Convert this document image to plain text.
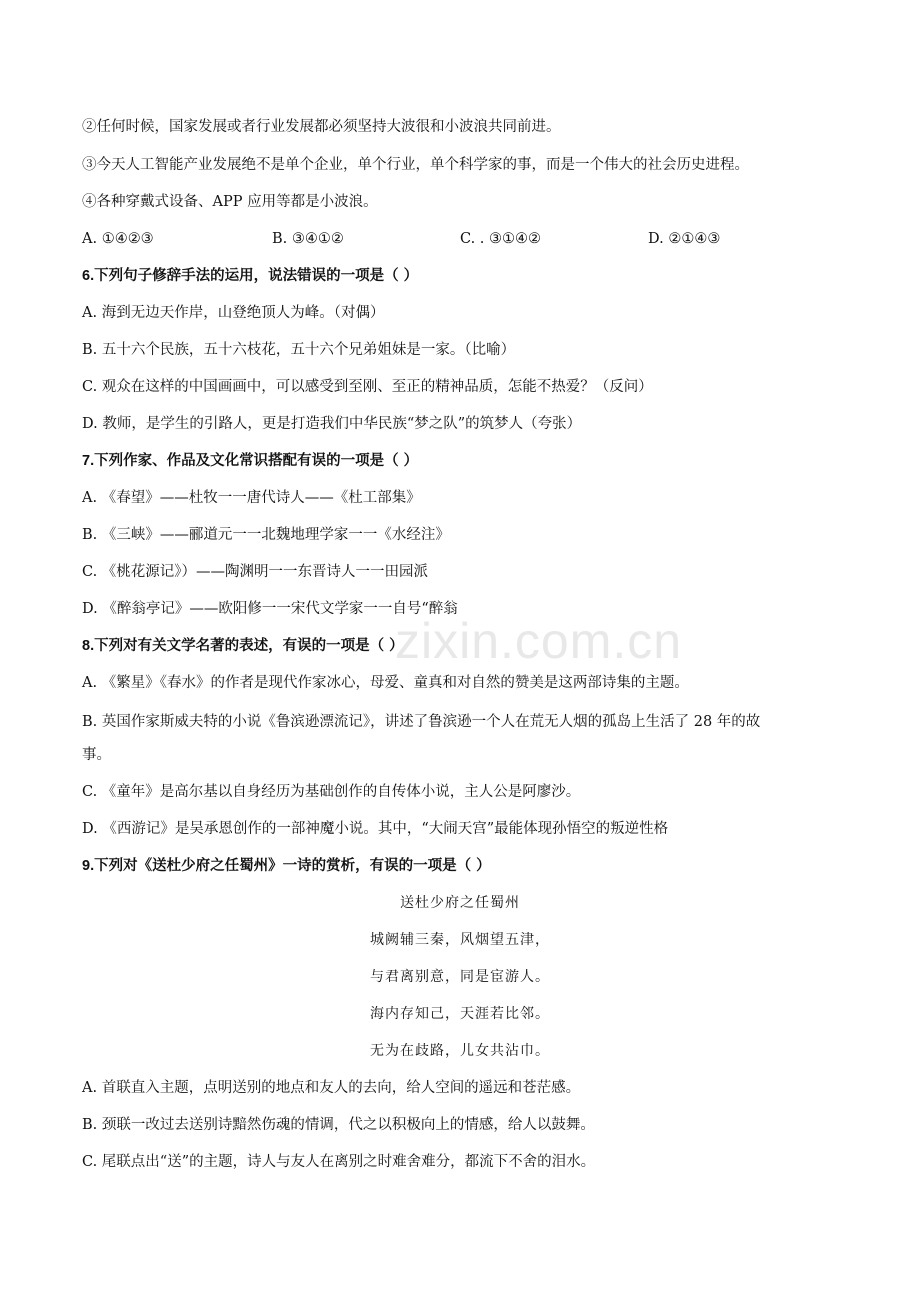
②任何时候，国家发展或者行业发展都必须坚持大波很和小波浪共同前进。
③今天人工智能产业发展绝不是单个企业，单个行业，单个科学家的事，而是一个伟大的社会历史进程。
④各种穿戴式设备、APP 应用等都是小波浪。
A. ①④②③	B. ③④①②	C. . ③①④②	D. ②①④③
6.下列句子修辞手法的运用，说法错误的一项是（ ）
A. 海到无边天作岸，山登绝顶人为峰。（对偶）
B. 五十六个民族，五十六枝花，五十六个兄弟姐妹是一家。（比喻）
C. 观众在这样的中国画画中，可以感受到至刚、至正的精神品质，怎能不热爱？（反问）
D. 教师，是学生的引路人，更是打造我们中华民族“梦之队”的筑梦人（夸张）
7.下列作家、作品及文化常识搭配有误的一项是（ ）
A. 《春望》——杜牧一一唐代诗人——《杜工部集》
B. 《三峡》——郦道元一一北魏地理学家一一《水经注》
C. 《桃花源记》）——陶渊明一一东晋诗人一一田园派
D. 《醉翁亭记》——欧阳修一一宋代文学家一一自号“醉翁
8.下列对有关文学名著的表述，有误的一项是（ ）
A. 《繁星》《春水》的作者是现代作家冰心，母爱、童真和对自然的赞美是这两部诗集的主题。
B. 英国作家斯威夫特的小说《鲁滨逊漂流记》，讲述了鲁滨逊一个人在荒无人烟的孤岛上生活了 28 年的故
事。
C. 《童年》是高尔基以自身经历为基础创作的自传体小说，主人公是阿廖沙。
D. 《西游记》是吴承恩创作的一部神魔小说。其中，“大闹天宫”最能体现孙悟空的叛逆性格
9.下列对《送杜少府之任蜀州》一诗的赏析，有误的一项是（ ）
送杜少府之任蜀州
城阙辅三秦，风烟望五津，
与君离别意，同是宦游人。
海内存知己，天涯若比邻。
无为在歧路，儿女共沾巾。
A. 首联直入主题，点明送别的地点和友人的去向，给人空间的遥远和苍茫感。
B. 颈联一改过去送别诗黯然伤魂的情调，代之以积极向上的情感，给人以鼓舞。
C. 尾联点出“送”的主题，诗人与友人在离别之时难舍难分，都流下不舍的泪水。
zixin.com.cn
